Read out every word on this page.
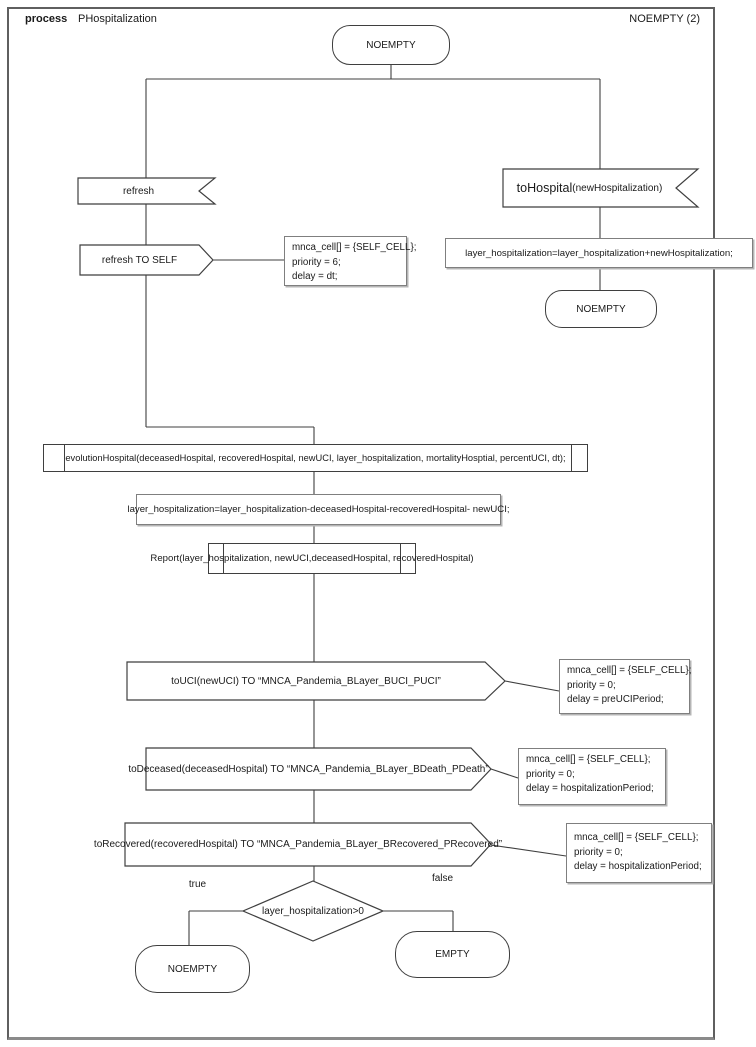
process PHospitalization	NOEMPTY (2)
NOEMPTY
NOEMPTY
NOEMPTY
EMPTY
layer_hospitalization=layer_hospitalization+newHospitalization;
evolutionHospital(deceasedHospital, recoveredHospital, newUCI, layer_hospitalization, mortalityHosptial, percentUCI, dt);
layer_hospitalization=layer_hospitalization-deceasedHospital-recoveredHospital- newUCI;
Report(layer_hospitalization, newUCI,deceasedHospital, recoveredHospital)
mnca_cell[] = {SELF_CELL};
priority = 6;
delay = dt;
mnca_cell[] = {SELF_CELL};
priority = 0;
delay = preUCIPeriod;
mnca_cell[] = {SELF_CELL};
priority = 0;
delay = hospitalizationPeriod;
mnca_cell[] = {SELF_CELL};
priority = 0;
delay = hospitalizationPeriod;
refresh
refresh TO SELF
toHospital (newHospitalization)
toUCI(newUCI) TO “MNCA_Pandemia_BLayer_BUCI_PUCI”
toDeceased(deceasedHospital) TO “MNCA_Pandemia_BLayer_BDeath_PDeath”
toRecovered(recoveredHospital) TO “MNCA_Pandemia_BLayer_BRecovered_PRecovered”
layer_hospitalization>0
true
false
